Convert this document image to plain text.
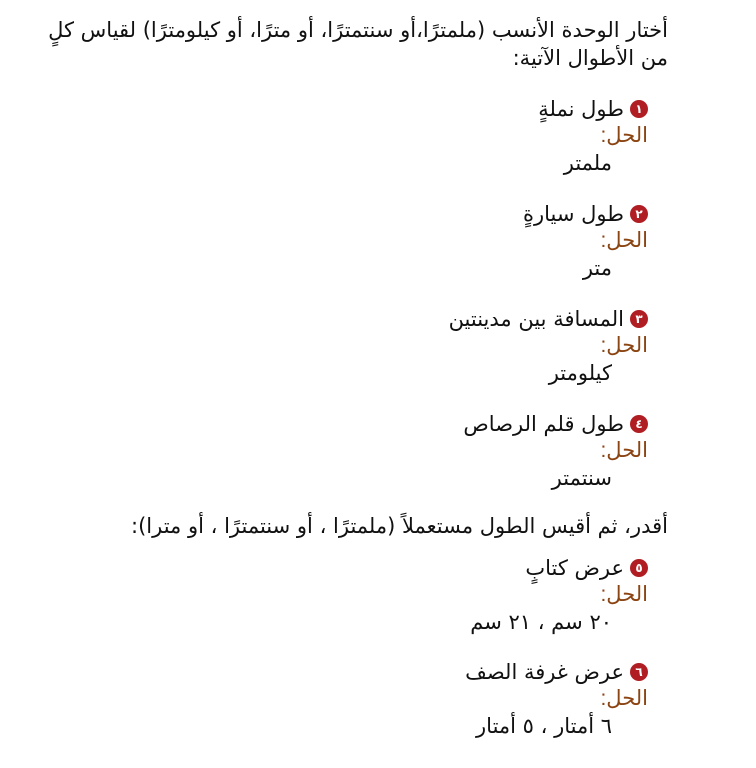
أختار الوحدة الأنسب (ملمترًا،أو سنتمترًا، أو مترًا، أو كيلومترًا) لقياس كلٍ من الأطوال الآتية:

١
طول نملةٍ
الحل:
ملمتر
٢
طول سيارةٍ
الحل:
متر
٣
المسافة بين مدينتين
الحل:
كيلومتر
٤
طول قلم الرصاص
الحل:
سنتمتر

أقدر، ثم أقيس الطول مستعملاً (ملمترًا ، أو سنتمترًا ، أو مترا):

٥
عرض كتابٍ
الحل:
٢٠ سم ، ٢١ سم
٦
عرض غرفة الصف
الحل:
٦ أمتار ، ٥ أمتار
